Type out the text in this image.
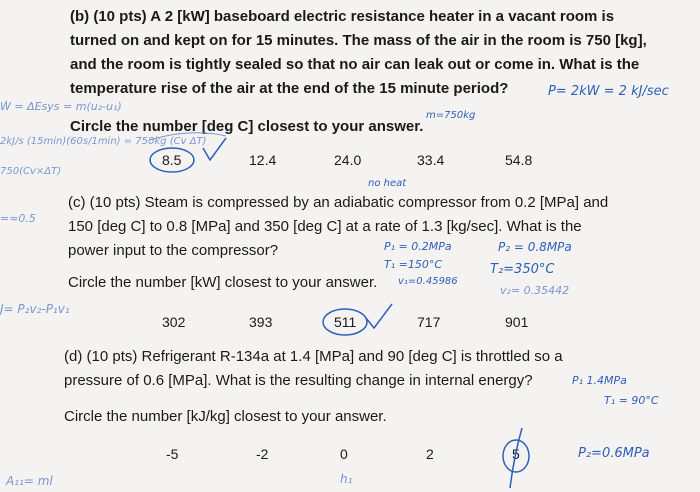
(b) (10 pts) A 2 [kW] baseboard electric resistance heater in a vacant room is
turned on and kept on for 15 minutes. The mass of the air in the room is 750 [kg],
and the room is tightly sealed so that no air can leak out or come in. What is the
temperature rise of the air at the end of the 15 minute period?
Circle the number [deg C] closest to your answer.
8.5	12.4	24.0	33.4	54.8
(c) (10 pts) Steam is compressed by an adiabatic compressor from 0.2 [MPa] and
150 [deg C] to 0.8 [MPa] and 350 [deg C] at a rate of 1.3 [kg/sec]. What is the
power input to the compressor?
Circle the number [kW] closest to your answer.
302	393	511	717	901
(d) (10 pts) Refrigerant R-134a at 1.4 [MPa] and 90 [deg C] is throttled so a
pressure of 0.6 [MPa]. What is the resulting change in internal energy?
Circle the number [kJ/kg] closest to your answer.
-5	-2	0	2	5
P= 2kW = 2 kJ/sec
Ẇ = ΔEsys = m(u₂-u₁)
m=750kg
2kJ/s (15min)(60s/1min) = 750kg (Cv ΔT)
750(Cv×ΔT)
no heat
=≈0.5
P₁ = 0.2MPa
T₁ =150°C
v₁=0.45986
P₂ = 0.8MPa
T₂=350°C
v₂= 0.35442
J= P₂v₂-P₁v₁
P₁ 1.4MPa
T₁ = 90°C
P₂=0.6MPa
h₁
A₁₁= ml
